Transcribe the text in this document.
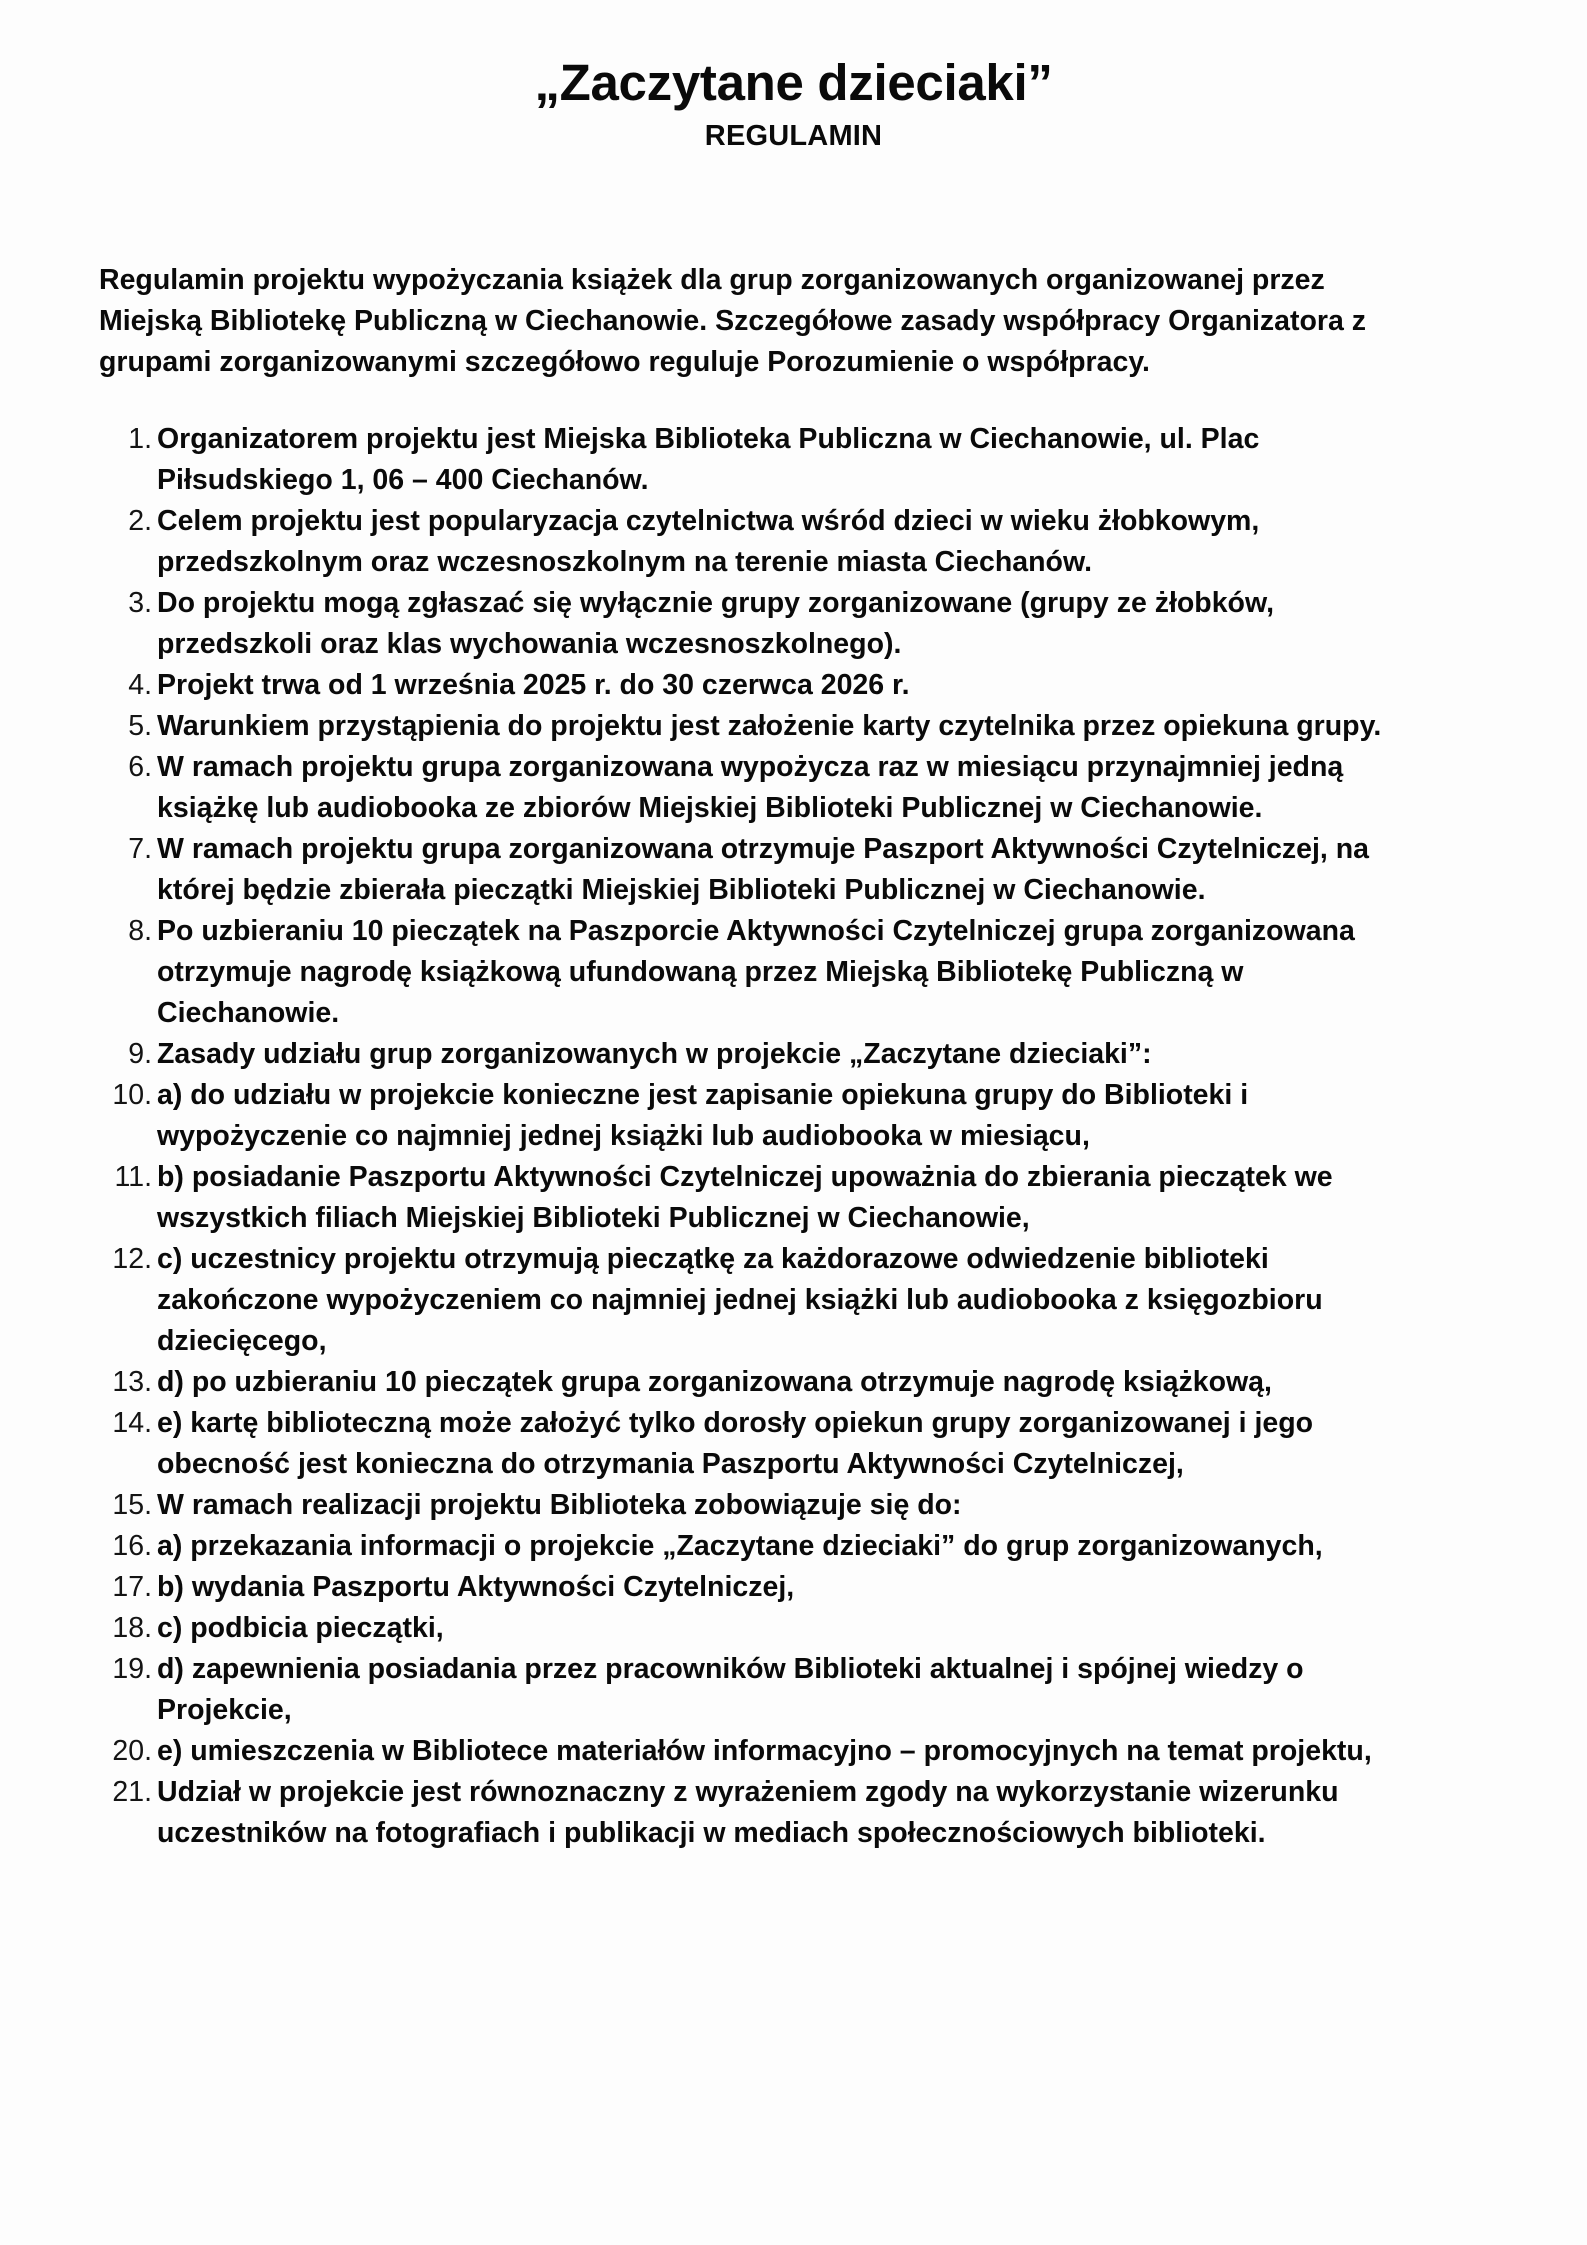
„Zaczytane dzieciaki”
REGULAMIN

Regulamin projektu wypożyczania książek dla grup zorganizowanych organizowanej przez Miejską Bibliotekę Publiczną w Ciechanowie. Szczegółowe zasady współpracy Organizatora z grupami zorganizowanymi szczegółowo reguluje Porozumienie o współpracy.

Organizatorem projektu jest Miejska Biblioteka Publiczna w Ciechanowie, ul. Plac Piłsudskiego 1, 06 – 400 Ciechanów.
Celem projektu jest popularyzacja czytelnictwa wśród dzieci w wieku żłobkowym, przedszkolnym oraz wczesnoszkolnym na terenie miasta Ciechanów.
Do projektu mogą zgłaszać się wyłącznie grupy zorganizowane (grupy ze żłobków, przedszkoli oraz klas wychowania wczesnoszkolnego).
Projekt trwa od 1 września 2025 r. do 30 czerwca 2026 r.
Warunkiem przystąpienia do projektu jest założenie karty czytelnika przez opiekuna grupy.
W ramach projektu grupa zorganizowana wypożycza raz w miesiącu przynajmniej jedną książkę lub audiobooka ze zbiorów Miejskiej Biblioteki Publicznej w Ciechanowie.
W ramach projektu grupa zorganizowana otrzymuje Paszport Aktywności Czytelniczej, na której będzie zbierała pieczątki Miejskiej Biblioteki Publicznej w Ciechanowie.
Po uzbieraniu 10 pieczątek na Paszporcie Aktywności Czytelniczej grupa zorganizowana otrzymuje nagrodę książkową ufundowaną przez Miejską Bibliotekę Publiczną w Ciechanowie.
Zasady udziału grup zorganizowanych w projekcie „Zaczytane dzieciaki”:
a) do udziału w projekcie konieczne jest zapisanie opiekuna grupy do Biblioteki i wypożyczenie co najmniej jednej książki lub audiobooka w miesiącu,
b) posiadanie Paszportu Aktywności Czytelniczej upoważnia do zbierania pieczątek we wszystkich filiach Miejskiej Biblioteki Publicznej w Ciechanowie,
c) uczestnicy projektu otrzymują pieczątkę za każdorazowe odwiedzenie biblioteki zakończone wypożyczeniem co najmniej jednej książki lub audiobooka z księgozbioru dziecięcego,
d) po uzbieraniu 10 pieczątek grupa zorganizowana otrzymuje nagrodę książkową,
e) kartę biblioteczną może założyć tylko dorosły opiekun grupy zorganizowanej i jego obecność jest konieczna do otrzymania Paszportu Aktywności Czytelniczej,
W ramach realizacji projektu Biblioteka zobowiązuje się do:
a) przekazania informacji o projekcie „Zaczytane dzieciaki” do grup zorganizowanych,
b) wydania Paszportu Aktywności Czytelniczej,
c) podbicia pieczątki,
d) zapewnienia posiadania przez pracowników Biblioteki aktualnej i spójnej wiedzy o Projekcie,
e) umieszczenia w Bibliotece materiałów informacyjno – promocyjnych na temat projektu,
Udział w projekcie jest równoznaczny z wyrażeniem zgody na wykorzystanie wizerunku uczestników na fotografiach i publikacji w mediach społecznościowych biblioteki.
